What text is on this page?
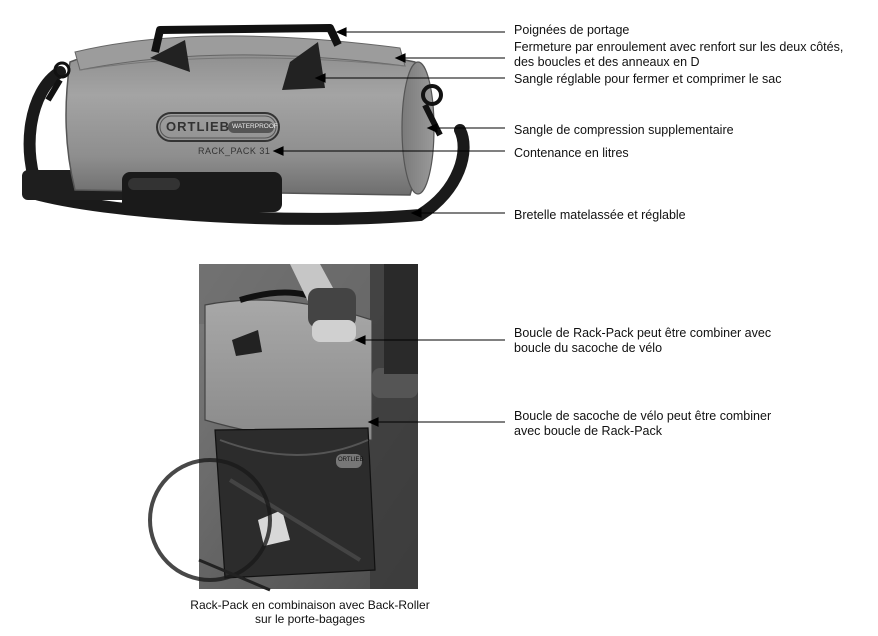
ORTLIEB WATERPROOF
RACK_PACK 31
ORTLIEB
Poignées de portage
Fermeture par enroulement avec renfort sur les deux côtés,
des boucles et des anneaux en D
Sangle réglable pour fermer et comprimer le sac
Sangle de compression supplementaire
Contenance en litres
Bretelle matelassée et réglable
Boucle de Rack-Pack peut être combiner avec
boucle du sacoche de vélo
Boucle de sacoche de vélo peut être combiner
avec boucle de Rack-Pack
Rack-Pack en combinaison avec Back-Roller
sur le porte-bagages
